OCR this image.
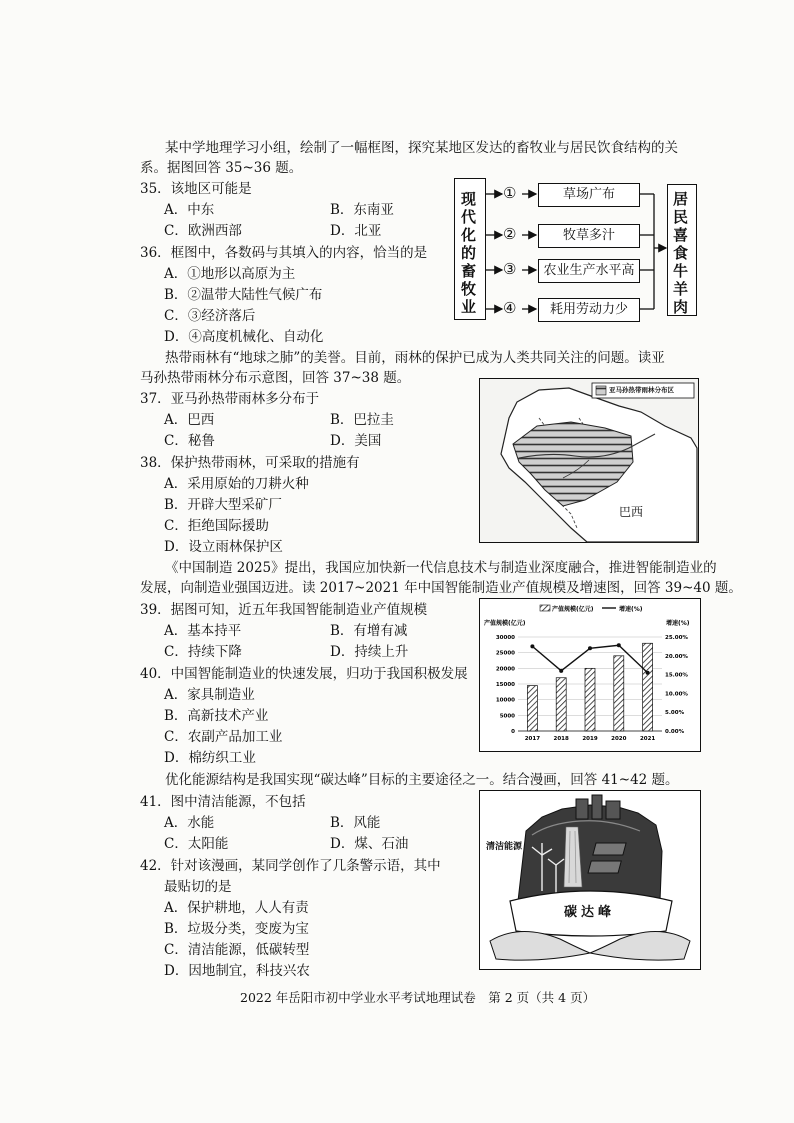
某中学地理学习小组，绘制了一幅框图，探究某地区发达的畜牧业与居民饮食结构的关
系。据图回答 35~36 题。
35．该地区可能是
A．中东	B．东南亚
C．欧洲西部	D．北亚
36．框图中，各数码与其填入的内容，恰当的是
A．①地形以高原为主
B．②温带大陆性气候广布
C．③经济落后
D．④高度机械化、自动化
现代化的畜牧业
①
②
③
④
草场广布
牧草多汁
农业生产水平高
耗用劳动力少
居民喜食牛羊肉
热带雨林有“地球之肺”的美誉。目前，雨林的保护已成为人类共同关注的问题。读亚
马孙热带雨林分布示意图，回答 37~38 题。
37．亚马孙热带雨林多分布于
A．巴西	B．巴拉圭
C．秘鲁	D．美国
38．保护热带雨林，可采取的措施有
A．采用原始的刀耕火种
B．开辟大型采矿厂
C．拒绝国际援助
D．设立雨林保护区
亚马孙热带雨林分布区
巴西
《中国制造 2025》提出，我国应加快新一代信息技术与制造业深度融合，推进智能制造业的
发展，向制造业强国迈进。读 2017~2021 年中国智能制造业产值规模及增速图，回答 39~40 题。
39．据图可知，近五年我国智能制造业产值规模
A．基本持平	B．有增有减
C．持续下降	D．持续上升
40．中国智能制造业的快速发展，归功于我国积极发展
A．家具制造业
B．高新技术产业
C．农副产品加工业
D．棉纺织工业
产值规模(亿元)	增速(%)
产值规模(亿元)	增速(%)
0
5000
10000
15000
20000
25000
30000
0.00%
5.00%
10.00%
15.00%
20.00%
25.00%
2017 2018 2019 2020 2021
优化能源结构是我国实现“碳达峰”目标的主要途径之一。结合漫画，回答 41~42 题。
41．图中清洁能源，不包括
A．水能	B．风能
C．太阳能	D．煤、石油
42．针对该漫画，某同学创作了几条警示语，其中
最贴切的是
A．保护耕地，人人有责
B．垃圾分类，变废为宝
C．清洁能源，低碳转型
D．因地制宜，科技兴农
清洁能源
碳达峰
2022 年岳阳市初中学业水平考试地理试卷　第 2 页（共 4 页）
